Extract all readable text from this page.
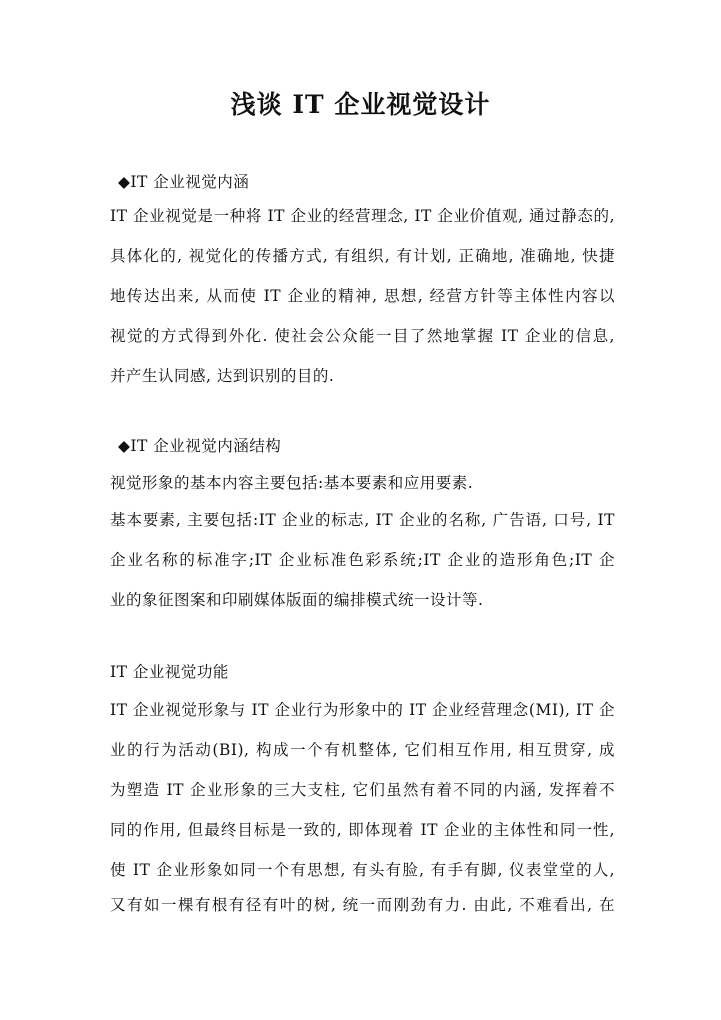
浅谈 IT 企业视觉设计
◆IT 企业视觉内涵
IT 企业视觉是一种将 IT 企业的经营理念, IT 企业价值观, 通过静态的,
具体化的, 视觉化的传播方式, 有组织, 有计划, 正确地, 准确地, 快捷
地传达出来, 从而使 IT 企业的精神, 思想, 经营方针等主体性内容以
视觉的方式得到外化. 使社会公众能一目了然地掌握 IT 企业的信息,
并产生认同感, 达到识别的目的.
◆IT 企业视觉内涵结构
视觉形象的基本内容主要包括:基本要素和应用要素.
基本要素, 主要包括:IT 企业的标志, IT 企业的名称, 广告语, 口号, IT
企业名称的标准字;IT 企业标准色彩系统;IT 企业的造形角色;IT 企
业的象征图案和印刷媒体版面的编排模式统一设计等.
IT 企业视觉功能
IT 企业视觉形象与 IT 企业行为形象中的 IT 企业经营理念(MI), IT 企
业的行为活动(BI), 构成一个有机整体, 它们相互作用, 相互贯穿, 成
为塑造 IT 企业形象的三大支柱, 它们虽然有着不同的内涵, 发挥着不
同的作用, 但最终目标是一致的, 即体现着 IT 企业的主体性和同一性,
使 IT 企业形象如同一个有思想, 有头有脸, 有手有脚, 仪表堂堂的人,
又有如一棵有根有径有叶的树, 统一而刚劲有力. 由此, 不难看出, 在
